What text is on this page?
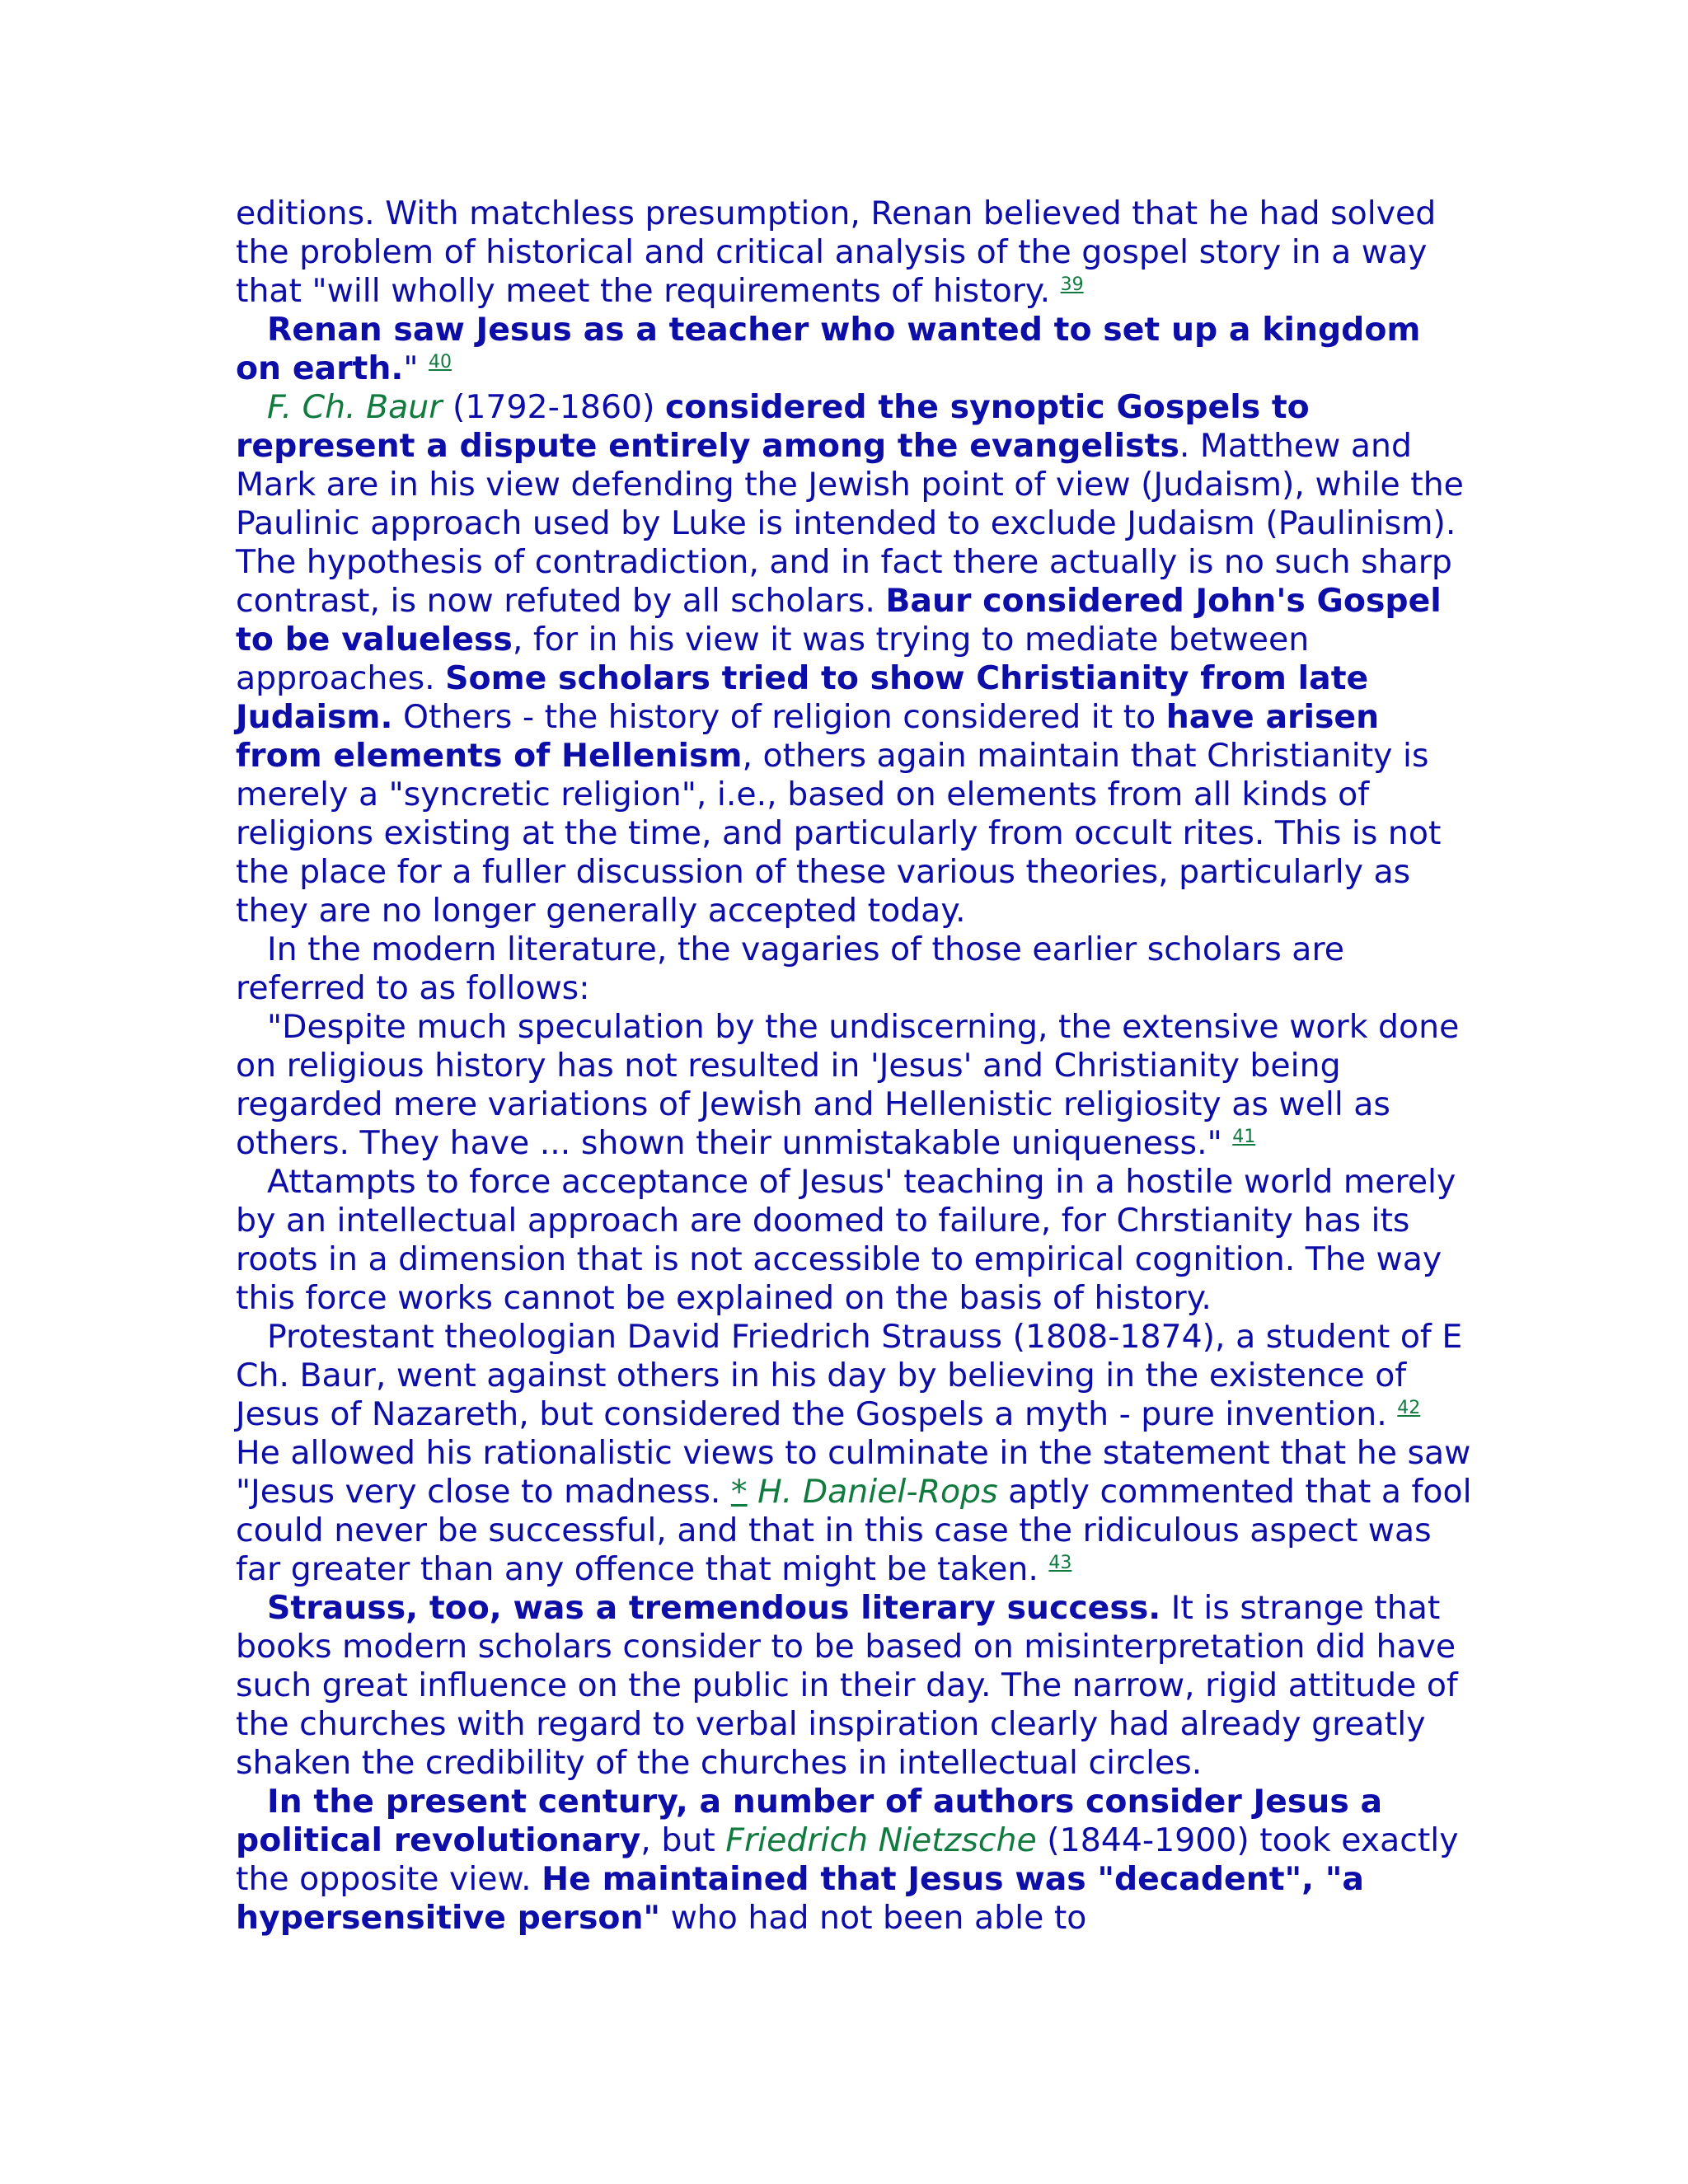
editions. With matchless presumption, Renan believed that he had solved the problem of historical and critical analysis of the gospel story in a way that "will wholly meet the requirements of history. $^{39}$

Renan saw Jesus as a teacher who wanted to set up a kingdom on earth." $^{40}$

F. Ch. Baur (1792-1860) considered the synoptic Gospels to represent a dispute entirely among the evangelists. Matthew and Mark are in his view defending the Jewish point of view (Judaism), while the Paulinic approach used by Luke is intended to exclude Judaism (Paulinism). The hypothesis of contradiction, and in fact there actually is no such sharp contrast, is now refuted by all scholars. Baur considered John's Gospel to be valueless, for in his view it was trying to mediate between approaches. Some scholars tried to show Christianity from late Judaism. Others - the history of religion considered it to have arisen from elements of Hellenism, others again maintain that Christianity is merely a "syncretic religion", i.e., based on elements from all kinds of religions existing at the time, and particularly from occult rites. This is not the place for a fuller discussion of these various theories, particularly as they are no longer generally accepted today.

In the modern literature, the vagaries of those earlier scholars are referred to as follows:

"Despite much speculation by the undiscerning, the extensive work done on religious history has not resulted in 'Jesus' and Christianity being regarded mere variations of Jewish and Hellenistic religiosity as well as others. They have ... shown their unmistakable uniqueness." $^{41}$

Attampts to force acceptance of Jesus' teaching in a hostile world merely by an intellectual approach are doomed to failure, for Chrstianity has its roots in a dimension that is not accessible to empirical cognition. The way this force works cannot be explained on the basis of history.

Protestant theologian David Friedrich Strauss (1808-1874), a student of E Ch. Baur, went against others in his day by believing in the existence of Jesus of Nazareth, but considered the Gospels a myth - pure invention. $^{42}$ He allowed his rationalistic views to culminate in the statement that he saw "Jesus very close to madness. * H. Daniel-Rops aptly commented that a fool could never be successful, and that in this case the ridiculous aspect was far greater than any offence that might be taken. $^{43}$

Strauss, too, was a tremendous literary success. It is strange that books modern scholars consider to be based on misinterpretation did have such great influence on the public in their day. The narrow, rigid attitude of the churches with regard to verbal inspiration clearly had already greatly shaken the credibility of the churches in intellectual circles.

In the present century, a number of authors consider Jesus a political revolutionary, but Friedrich Nietzsche (1844-1900) took exactly the opposite view. He maintained that Jesus was "decadent", "a hypersensitive person" who had not been able to
